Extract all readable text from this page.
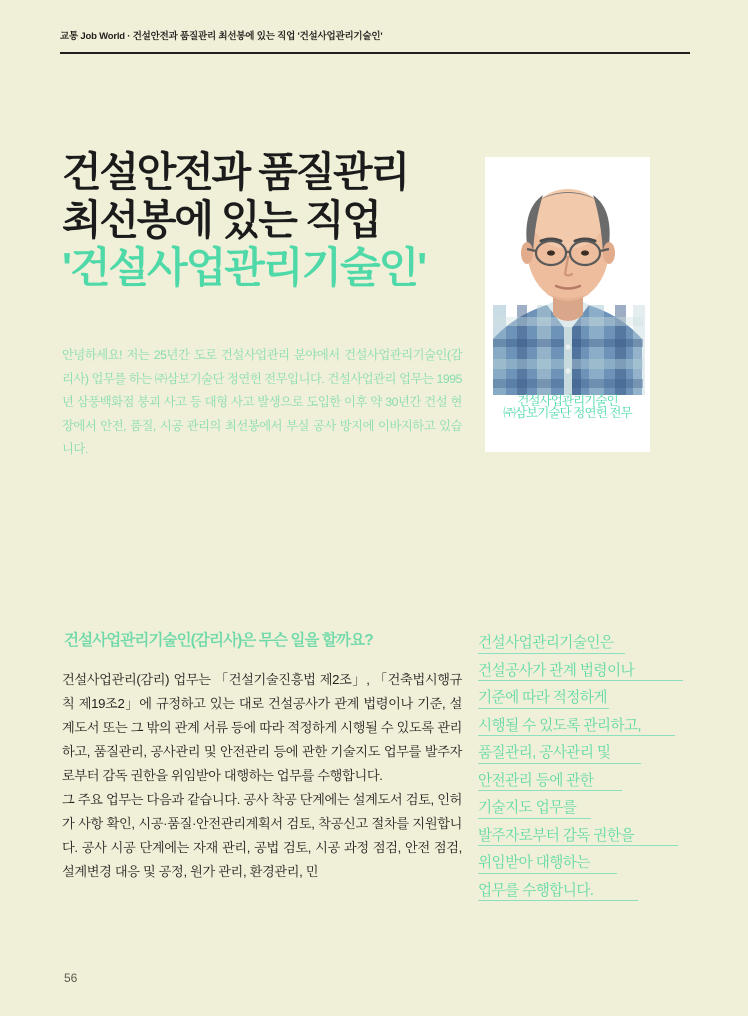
교통 Job World · 건설안전과 품질관리 최선봉에 있는 직업 '건설사업관리기술인'
건설안전과 품질관리
최선봉에 있는 직업
'건설사업관리기술인'
안녕하세요! 저는 25년간 도로 건설사업관리 분야에서 건설사업관리기술인(감리사) 업무를 하는 ㈜삼보기술단 정연헌 전무입니다. 건설사업관리 업무는 1995년 삼풍백화점 붕괴 사고 등 대형 사고 발생으로 도입한 이후 약 30년간 건설 현장에서 안전, 품질, 시공 관리의 최선봉에서 부실 공사 방지에 이바지하고 있습니다.
건설사업관리기술인
㈜삼보기술단 정연헌 전무
건설사업관리기술인(감리사)은 무슨 일을 할까요?

건설사업관리(감리) 업무는 「건설기술진흥법 제2조」, 「건축법시행규칙 제19조2」에 규정하고 있는 대로 건설공사가 관계 법령이나 기준, 설계도서 또는 그 밖의 관계 서류 등에 따라 적정하게 시행될 수 있도록 관리하고, 품질관리, 공사관리 및 안전관리 등에 관한 기술지도 업무를 발주자로부터 감독 권한을 위임받아 대행하는 업무를 수행합니다.

그 주요 업무는 다음과 같습니다. 공사 착공 단계에는 설계도서 검토, 인허가 사항 확인, 시공·품질·안전관리계획서 검토, 착공신고 절차를 지원합니다. 공사 시공 단계에는 자재 관리, 공법 검토, 시공 과정 점검, 안전 점검, 설계변경 대응 및 공정, 원가 관리, 환경관리, 민

건설사업관리기술인은
건설공사가 관계 법령이나
기준에 따라 적정하게
시행될 수 있도록 관리하고,
품질관리, 공사관리 및
안전관리 등에 관한
기술지도 업무를
발주자로부터 감독 권한을
위임받아 대행하는
업무를 수행합니다.
56
